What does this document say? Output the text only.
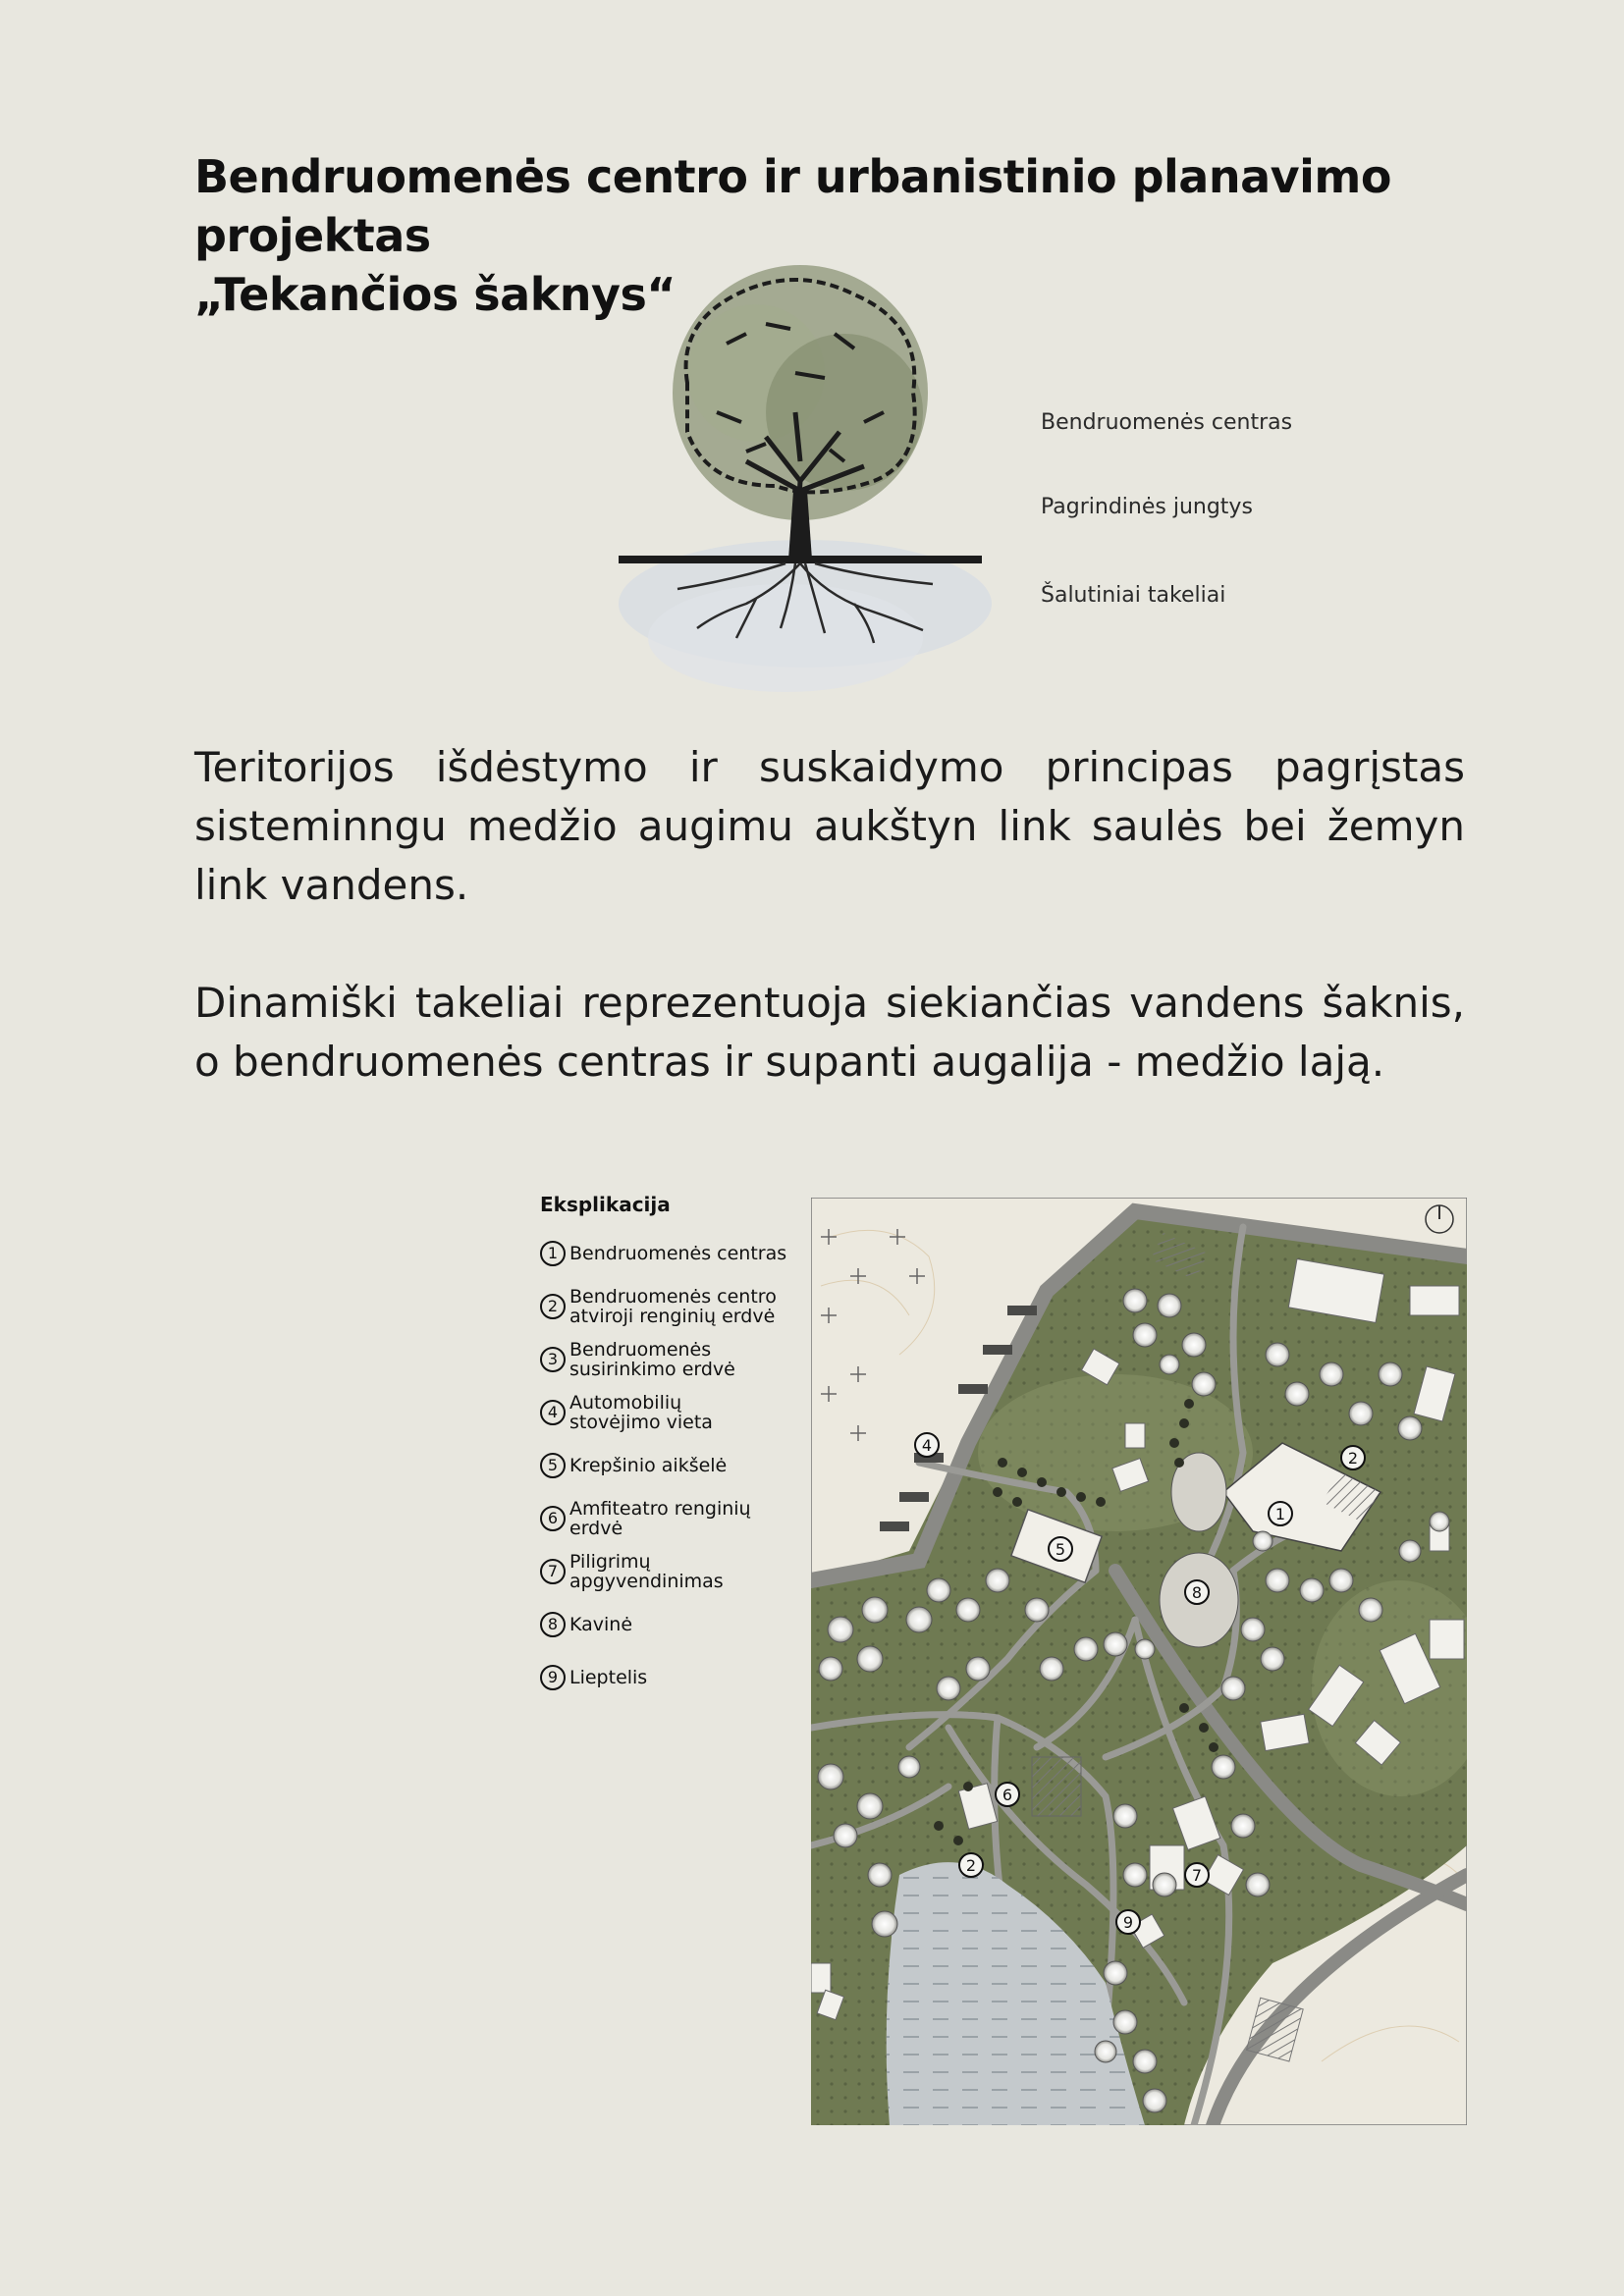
Bendruomenės centro ir urbanistinio planavimo projektas
„Tekančios šaknys“
Bendruomenės centras
Pagrindinės jungtys
Šalutiniai takeliai

Teritorijos išdėstymo ir suskaidymo principas pagrįstas sisteminngu medžio augimu aukštyn link saulės bei žemyn link vandens.

Dinamiški takeliai reprezentuoja siekiančias vandens šaknis, o bendruomenės centras ir supanti augalija - medžio lają.

Eksplikacija
1 Bendruomenės centras
2 Bendruomenės centro
atviroji renginių erdvė
3 Bendruomenės
susirinkimo erdvė
4 Automobilių
stovėjimo vieta
5 Krepšinio aikšelė
6 Amfiteatro renginių
erdvė
7 Piligrimų
apgyvendinimas
8 Kavinė
9 Lieptelis
1
2
4
5
6
7
8
9
2
